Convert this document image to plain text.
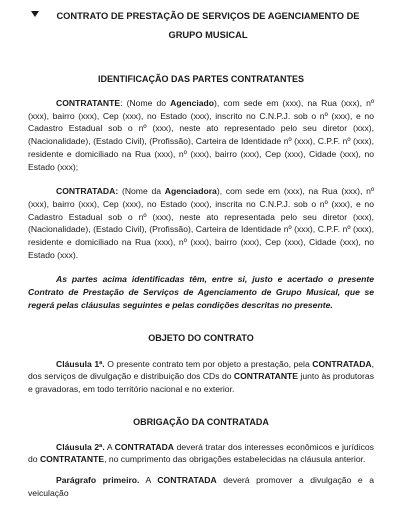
CONTRATO DE PRESTAÇÃO DE SERVIÇOS DE AGENCIAMENTO DE GRUPO MUSICAL
IDENTIFICAÇÃO DAS PARTES CONTRATANTES

CONTRATANTE: (Nome do Agenciado), com sede em (xxx), na Rua (xxx), nº (xxx), bairro (xxx), Cep (xxx), no Estado (xxx), inscrito no C.N.P.J. sob o nº (xxx), e no Cadastro Estadual sob o nº (xxx), neste ato representado pelo seu diretor (xxx), (Nacionalidade), (Estado Civil), (Profissão), Carteira de Identidade nº (xxx), C.P.F. nº (xxx), residente e domiciliado na Rua (xxx), nº (xxx), bairro (xxx), Cep (xxx), Cidade (xxx), no Estado (xxx);

CONTRATADA: (Nome da Agenciadora), com sede em (xxx), na Rua (xxx), nº (xxx), bairro (xxx), Cep (xxx), no Estado (xxx), inscrita no C.N.P.J. sob o nº (xxx), e no Cadastro Estadual sob o nº (xxx), neste ato representada pelo seu diretor (xxx), (Nacionalidade), (Estado Civil), (Profissão), Carteira de Identidade nº (xxx), C.P.F. nº (xxx), residente e domiciliado na Rua (xxx), nº (xxx), bairro (xxx), Cep (xxx), Cidade (xxx), no Estado (xxx).

As partes acima identificadas têm, entre si, justo e acertado o presente Contrato de Prestação de Serviços de Agenciamento de Grupo Musical, que se regerá pelas cláusulas seguintes e pelas condições descritas no presente.

OBJETO DO CONTRATO

Cláusula 1ª. O presente contrato tem por objeto a prestação, pela CONTRATADA, dos serviços de divulgação e distribuição dos CDs do CONTRATANTE junto às produtoras e gravadoras, em todo território nacional e no exterior.

OBRIGAÇÃO DA CONTRATADA

Cláusula 2ª. A CONTRATADA deverá tratar dos interesses econômicos e jurídicos do CONTRATANTE, no cumprimento das obrigações estabelecidas na cláusula anterior.

Parágrafo primeiro. A CONTRATADA deverá promover a divulgação e a veiculação
